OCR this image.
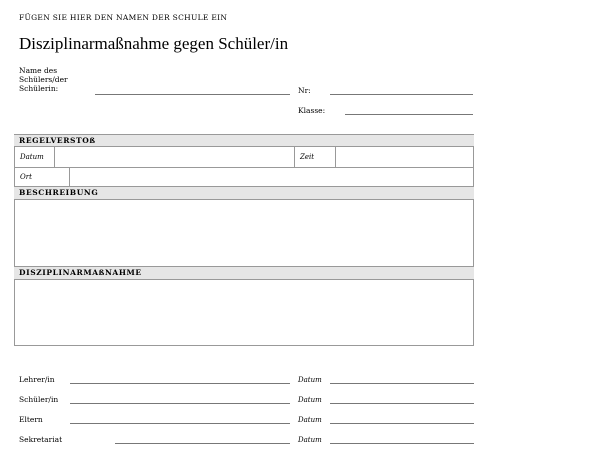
FÜGEN SIE HIER DEN NAMEN DER SCHULE EIN
Disziplinarmaßnahme gegen Schüler/in
Name des
Schülers/der
Schülerin:	Nr:
Klasse:
REGELVERSTOß
Datum	Zeit
Ort
BESCHREIBUNG
DISZIPLINARMAßNAHME
Lehrer/in	Datum
Schüler/in	Datum
Eltern	Datum
Sekretariat	Datum
